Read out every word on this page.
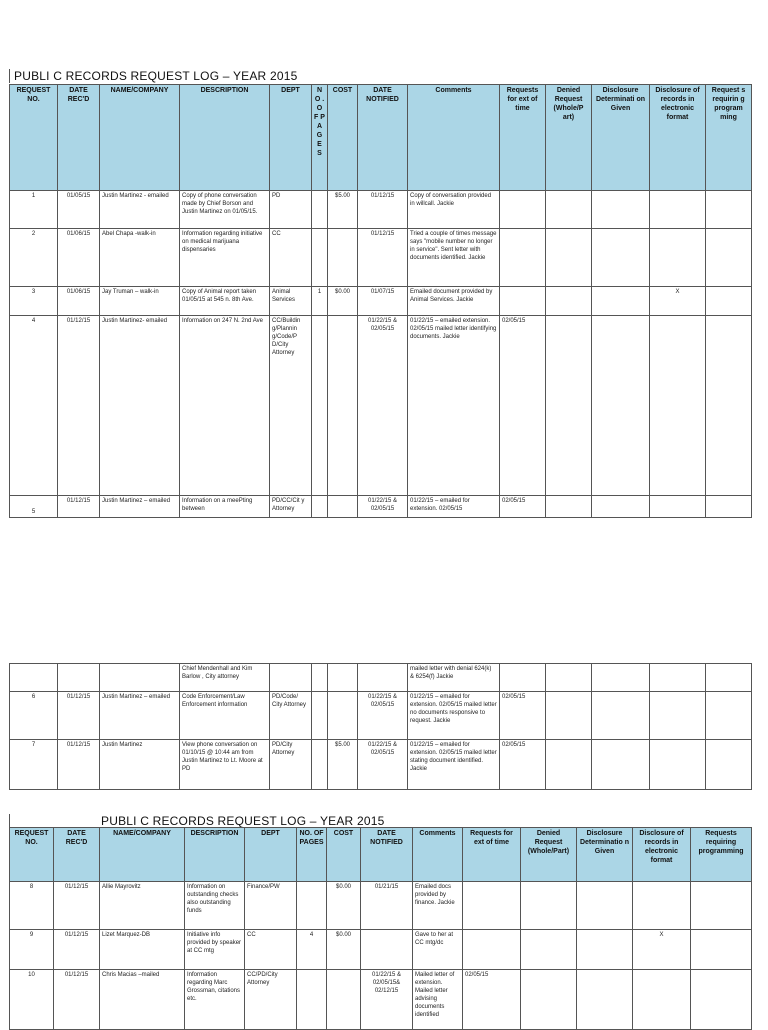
PUBLI C RECORDS REQUEST LOG – YEAR 2015
REQUEST NO.	DATE REC'D	NAME/COMPANY	DESCRIPTION	DEPT	N O . O F P A G E S	COST	DATE NOTIFIED	Comments	Requests for ext of time	Denied Request (Whole/P art)	Disclosure Determinati on Given	Disclosure of records in electronic format	Request s requirin g program ming
1	01/05/15	Justin Martinez - emailed	Copy of phone conversation made by Chief Borson and Justin Martinez on 01/05/15.	PD		$5.00	01/12/15	Copy of conversation provided in willcall. Jackie					
2	01/06/15	Abel Chapa -walk-in	Information regarding initiative on medical marijuana dispensaries	CC			01/12/15	Tried a couple of times message says "mobile number no longer in service". Sent letter with documents identified. Jackie					
3	01/06/15	Jay Truman – walk-in	Copy of Animal report taken 01/05/15 at 545 n. 8th Ave.	Animal Services	1	$0.00	01/07/15	Emailed document provided by Animal Services. Jackie				X	
4	01/12/15	Justin Martinez- emailed	Information on 247 N. 2nd Ave	CC/Buildin g/Plannin g/Code/P D/City Attorney			01/22/15 & 02/05/15	01/22/15 – emailed extension. 02/05/15 mailed letter identifying documents. Jackie	02/05/15				
5	01/12/15	Justin Martinez – emailed	Information on a meePting between	PD/CC/Cit y Attorney			01/22/15 & 02/05/15	01/22/15 – emailed for extension. 02/05/15	02/05/15				
			Chief Mendenhall and Kim Barlow , City attorney					mailed letter with denial 624(k) & 6254(f) Jackie					
6	01/12/15	Justin Martinez – emailed	Code Enforcement/Law Enforcement information	PD/Code/ City Attorney			01/22/15 & 02/05/15	01/22/15 – emailed for extension. 02/05/15 mailed letter no documents responsive to request. Jackie	02/05/15				
7	01/12/15	Justin Martinez	View phone conversation on 01/10/15 @ 10:44 am from Justin Martinez to Lt. Moore at PD	PD/City Attorney		$5.00	01/22/15 & 02/05/15	01/22/15 – emailed for extension. 02/05/15 mailed letter stating document identified. Jackie	02/05/15				
PUBLI C RECORDS REQUEST LOG – YEAR 2015
REQUEST NO.	DATE REC'D	NAME/COMPANY	DESCRIPTION	DEPT	NO. OF PAGES	COST	DATE NOTIFIED	Comments	Requests for ext of time	Denied Request (Whole/Part)	Disclosure Determinatio n Given	Disclosure of records in electronic format	Requests requiring programming
8	01/12/15	Allie Mayrovitz	Information on outstanding checks also outstanding funds	Finance/PW		$0.00	01/21/15	Emailed docs provided by finance. Jackie					
9	01/12/15	Lizet Marquez-DB	Initiative info provided by speaker at CC mtg	CC	4	$0.00		Gave to her at CC mtg/dc				X	
10	01/12/15	Chris Macias –mailed	Information regarding Marc Grossman, citations etc.	CC/PD/City Attorney			01/22/15 & 02/05/15& 02/12/15	Mailed letter of extension. Mailed letter advising documents identified	02/05/15				
